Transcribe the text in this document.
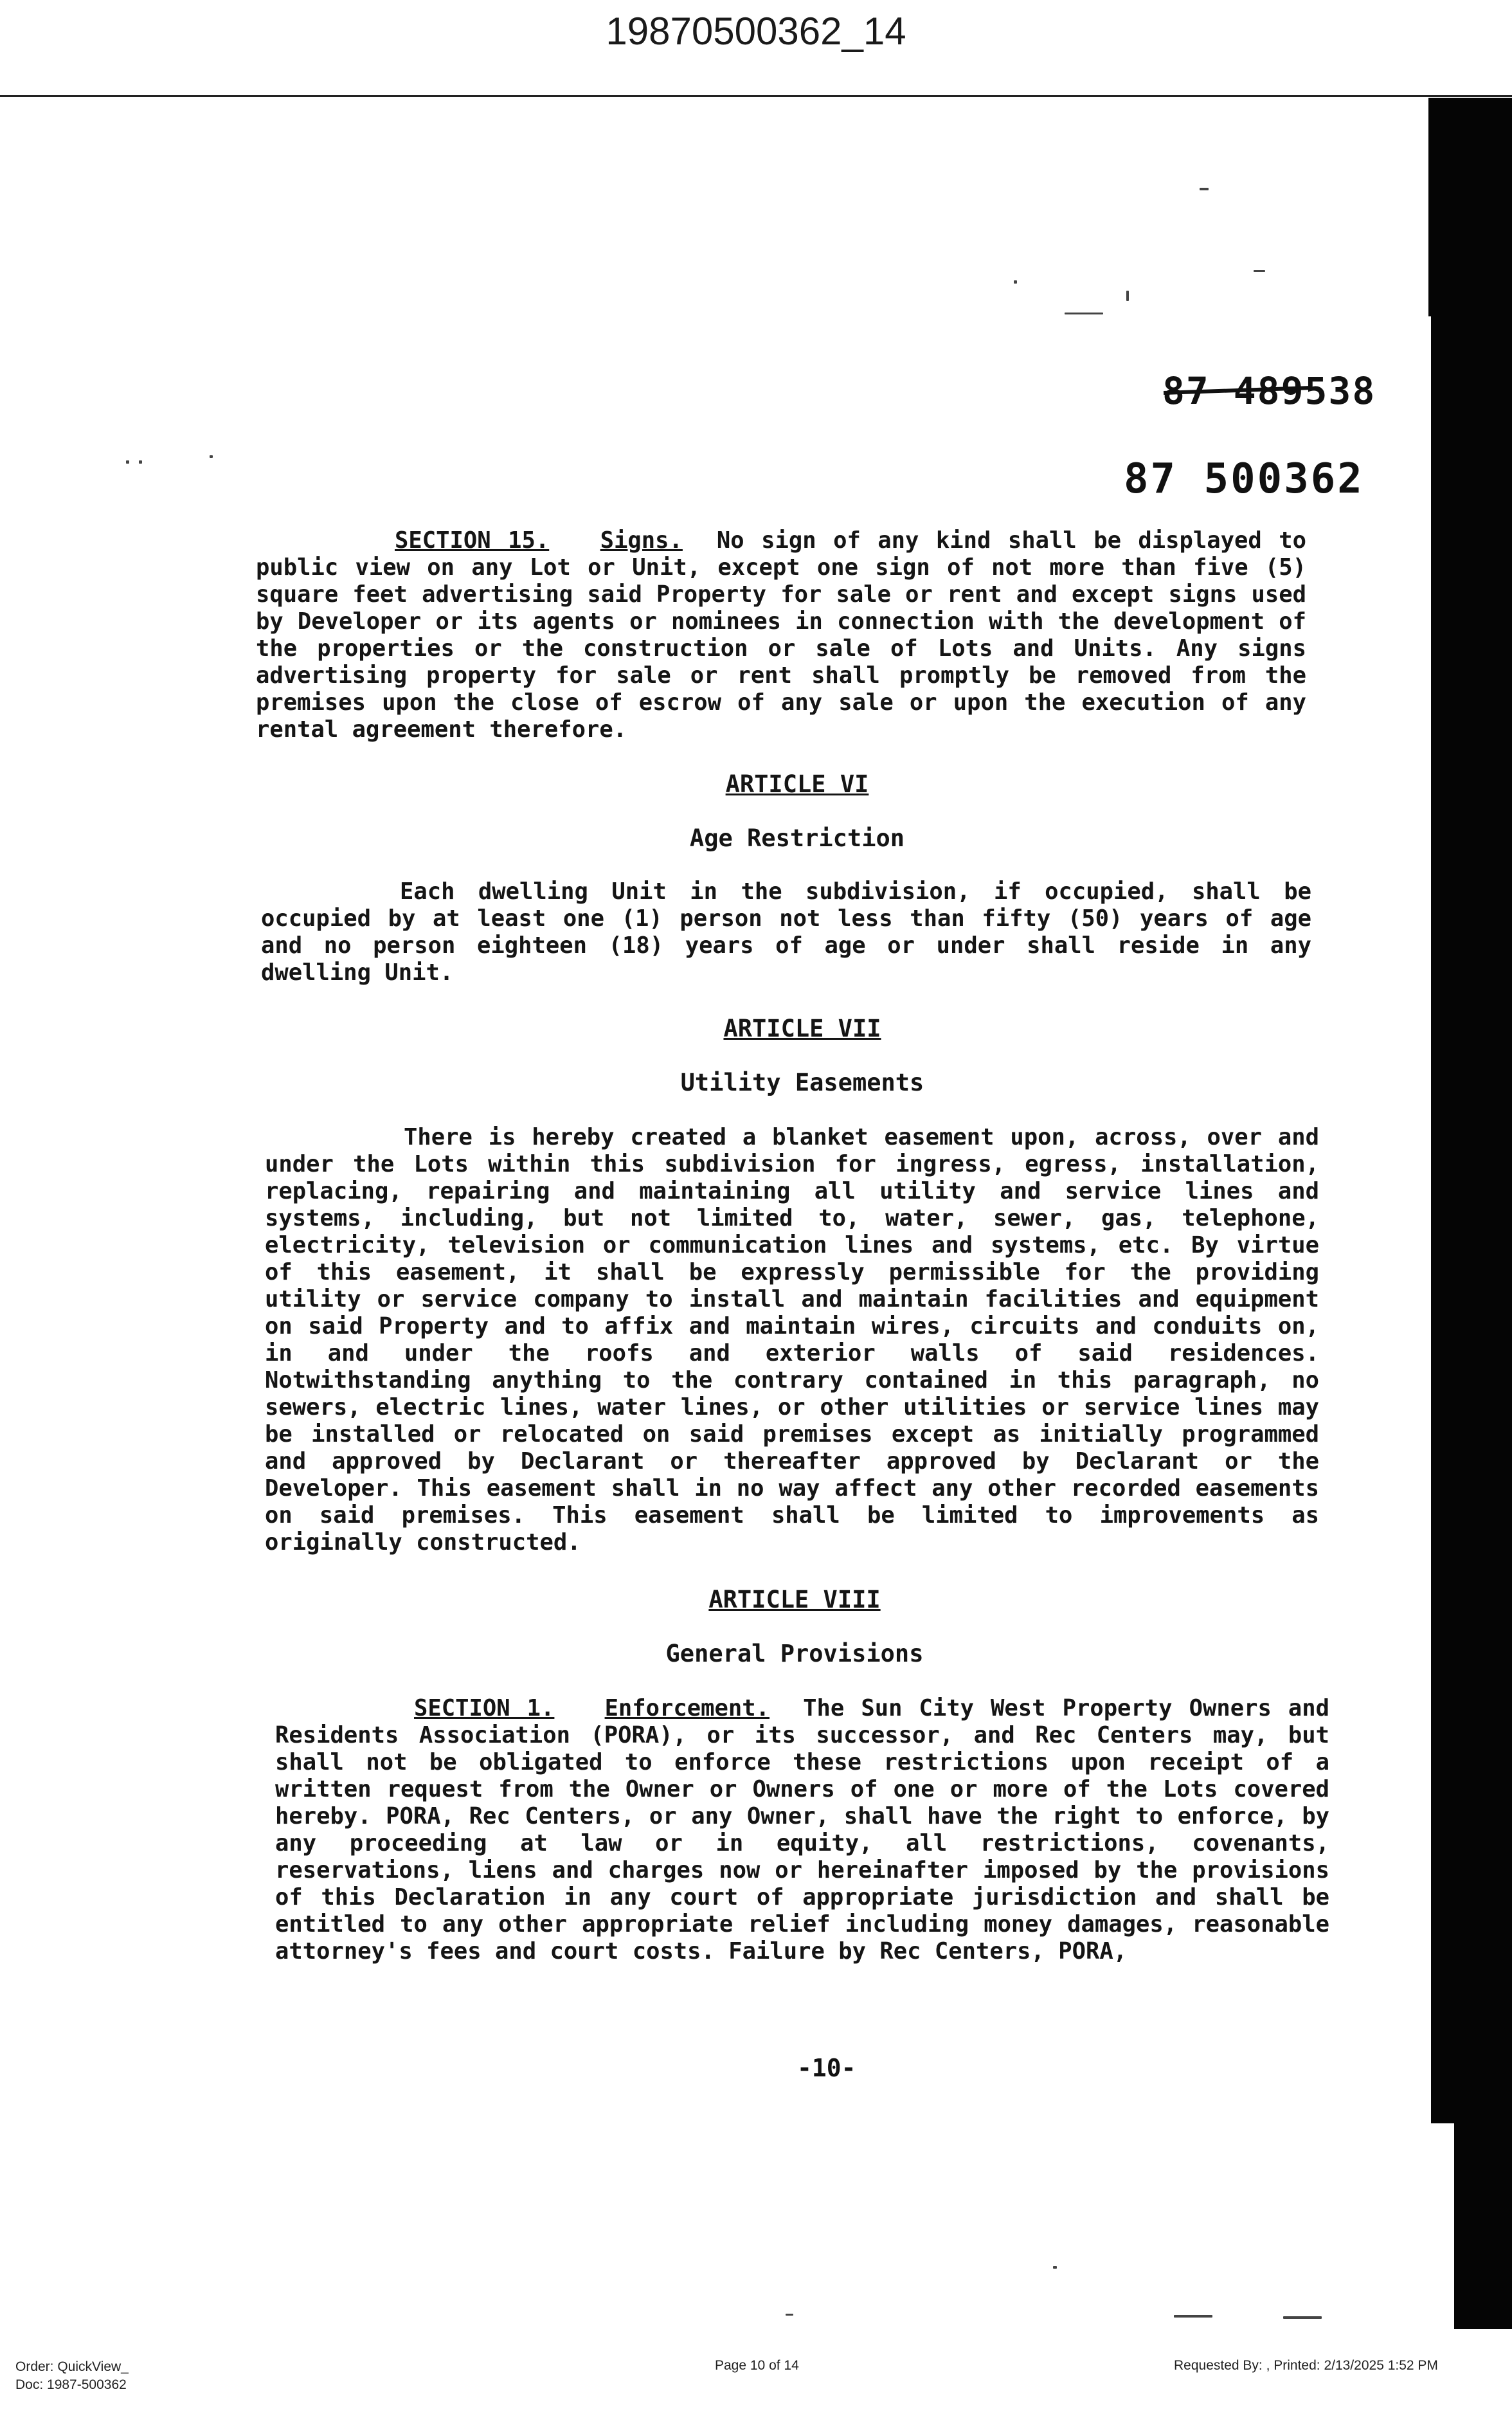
19870500362_14
87 489538
87 500362
SECTION 15. Signs. No sign of any kind shall be displayed to public view on any Lot or Unit, except one sign of not more than five (5) square feet advertising said Property for sale or rent and except signs used by Developer or its agents or nominees in connection with the development of the properties or the construction or sale of Lots and Units. Any signs advertising property for sale or rent shall promptly be removed from the premises upon the close of escrow of any sale or upon the execution of any rental agreement therefore.
ARTICLE VI
Age Restriction
Each dwelling Unit in the subdivision, if occupied, shall be occupied by at least one (1) person not less than fifty (50) years of age and no person eighteen (18) years of age or under shall reside in any dwelling Unit.
ARTICLE VII
Utility Easements
There is hereby created a blanket easement upon, across, over and under the Lots within this subdivision for ingress, egress, installation, replacing, repairing and maintaining all utility and service lines and systems, including, but not limited to, water, sewer, gas, telephone, electricity, television or communication lines and systems, etc. By virtue of this easement, it shall be expressly permissible for the providing utility or service company to install and maintain facilities and equipment on said Property and to affix and maintain wires, circuits and conduits on, in and under the roofs and exterior walls of said residences. Notwithstanding anything to the contrary contained in this paragraph, no sewers, electric lines, water lines, or other utilities or service lines may be installed or relocated on said premises except as initially programmed and approved by Declarant or thereafter approved by Declarant or the Developer. This easement shall in no way affect any other recorded easements on said premises. This easement shall be limited to improvements as originally constructed.
ARTICLE VIII
General Provisions
SECTION 1. Enforcement. The Sun City West Property Owners and Residents Association (PORA), or its successor, and Rec Centers may, but shall not be obligated to enforce these restrictions upon receipt of a written request from the Owner or Owners of one or more of the Lots covered hereby. PORA, Rec Centers, or any Owner, shall have the right to enforce, by any proceeding at law or in equity, all restrictions, covenants, reservations, liens and charges now or hereinafter imposed by the provisions of this Declaration in any court of appropriate jurisdiction and shall be entitled to any other appropriate relief including money damages, reasonable attorney's fees and court costs. Failure by Rec Centers, PORA,
-10-
Order: QuickView_
Doc: 1987-500362
Page 10 of 14	Requested By: , Printed: 2/13/2025 1:52 PM
